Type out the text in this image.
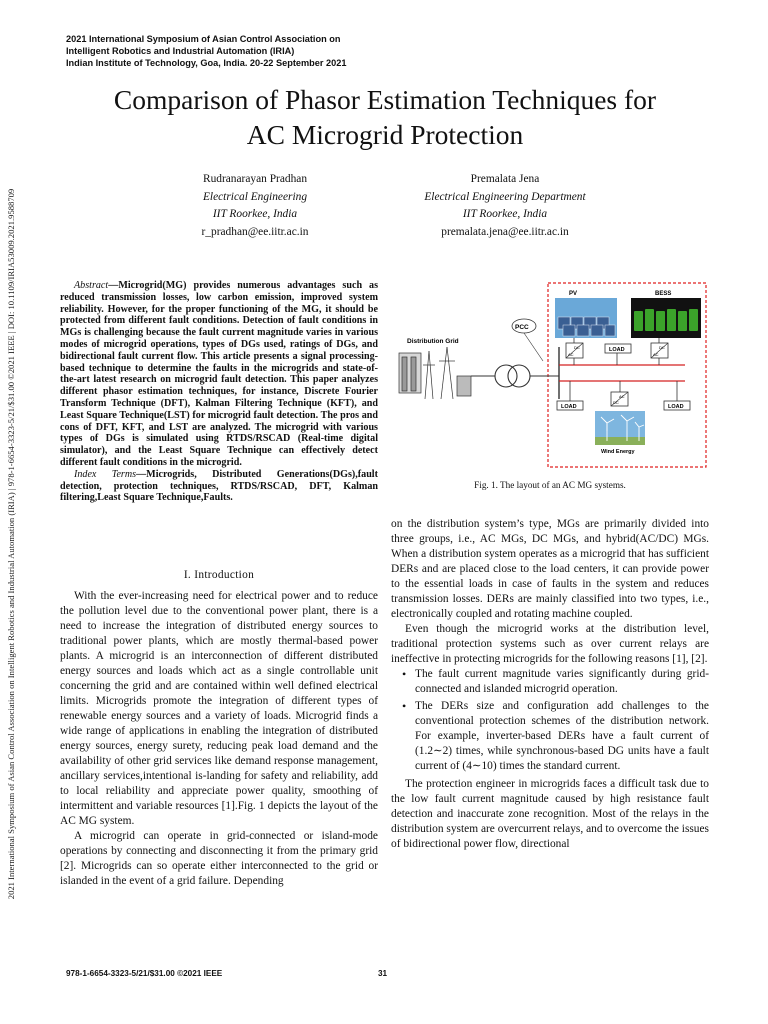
2021 International Symposium of Asian Control Association on
Intelligent Robotics and Industrial Automation (IRIA)
Indian Institute of Technology, Goa, India. 20-22 September 2021
2021 International Symposium of Asian Control Association on Intelligent Robotics and Industrial Automation (IRIA) | 978-1-6654-3323-5/21/$31.00 ©2021 IEEE | DOI: 10.1109/IRIA53009.2021.9588709
Comparison of Phasor Estimation Techniques for
AC Microgrid Protection
Rudranarayan Pradhan
Electrical Engineering
IIT Roorkee, India
r_pradhan@ee.iitr.ac.in
Premalata Jena
Electrical Engineering Department
IIT Roorkee, India
premalata.jena@ee.iitr.ac.in

Abstract—Microgrid(MG) provides numerous advantages such as reduced transmission losses, low carbon emission, improved system reliability. However, for the proper functioning of the MG, it should be protected from different fault conditions. Detection of fault conditions in MGs is challenging because the fault current magnitude varies in various modes of microgrid operations, types of DGs used, ratings of DGs, and bidirectional fault current flow. This article presents a signal processing-based technique to determine the faults in the microgrids and state-of-the-art latest research on microgrid fault detection. This paper analyzes different phasor estimation techniques, for instance, Discrete Fourier Transform Technique (DFT), Kalman Filtering Technique (KFT), and Least Square Technique(LST) for microgrid fault detection. The pros and cons of DFT, KFT, and LST are analyzed. The microgrid with various types of DGs is simulated using RTDS/RSCAD (Real-time digital simulator), and the Least Square Technique can effectively detect different fault conditions in the microgrid.

Index Terms—Microgrids, Distributed Generations(DGs),fault detection, protection techniques, RTDS/RSCAD, DFT, Kalman filtering,Least Square Technique,Faults.

I. Introduction

With the ever-increasing need for electrical power and to reduce the pollution level due to the conventional power plant, there is a need to increase the integration of distributed energy sources to traditional power plants, which are mostly thermal-based power plants. A microgrid is an interconnection of different distributed energy sources and loads which act as a single controllable unit concerning the grid and are contained within well defined electrical limits. Microgrids promote the integration of different types of renewable energy sources and a variety of loads. Microgrid finds a wide range of applications in enabling the integration of distributed energy sources, energy surety, reducing peak load demand and the availability of other grid services like demand response management, ancillary services,intentional is-landing for safety and reliability, add to local reliability and appreciate power quality, smoothing of intermittent and variable resources [1].Fig. 1 depicts the layout of the AC MG system.

A microgrid can operate in grid-connected or island-mode operations by connecting and disconnecting it from the primary grid [2]. Microgrids can so operate either interconnected to the grid or islanded in the event of a grid failure. Depending

PV	BESS
Distribution Grid
PCC
DC
AC
LOAD	DC
AC
LOAD
AC
DC
LOAD
Wind Energy
Fig. 1. The layout of an AC MG systems.

on the distribution system’s type, MGs are primarily divided into three groups, i.e., AC MGs, DC MGs, and hybrid(AC/DC) MGs. When a distribution system operates as a microgrid that has sufficient DERs and are placed close to the load centers, it can provide power to the essential loads in case of faults in the system and reduces transmission losses. DERs are mainly classified into two types, i.e., electronically coupled and rotating machine coupled.

Even though the microgrid works at the distribution level, traditional protection systems such as over current relays are ineffective in protecting microgrids for the following reasons [1], [2].

• The fault current magnitude varies significantly during grid-connected and islanded microgrid operation.
• The DERs size and configuration add challenges to the conventional protection schemes of the distribution network. For example, inverter-based DERs have a fault current of (1.2∼2) times, while synchronous-based DG units have a fault current of (4∼10) times the standard current.

The protection engineer in microgrids faces a difficult task due to the low fault current magnitude caused by high resistance fault detection and inaccurate zone recognition. Most of the relays in the distribution system are overcurrent relays, and to overcome the issues of bidirectional power flow, directional

978-1-6654-3323-5/21/$31.00 ©2021 IEEE	31
